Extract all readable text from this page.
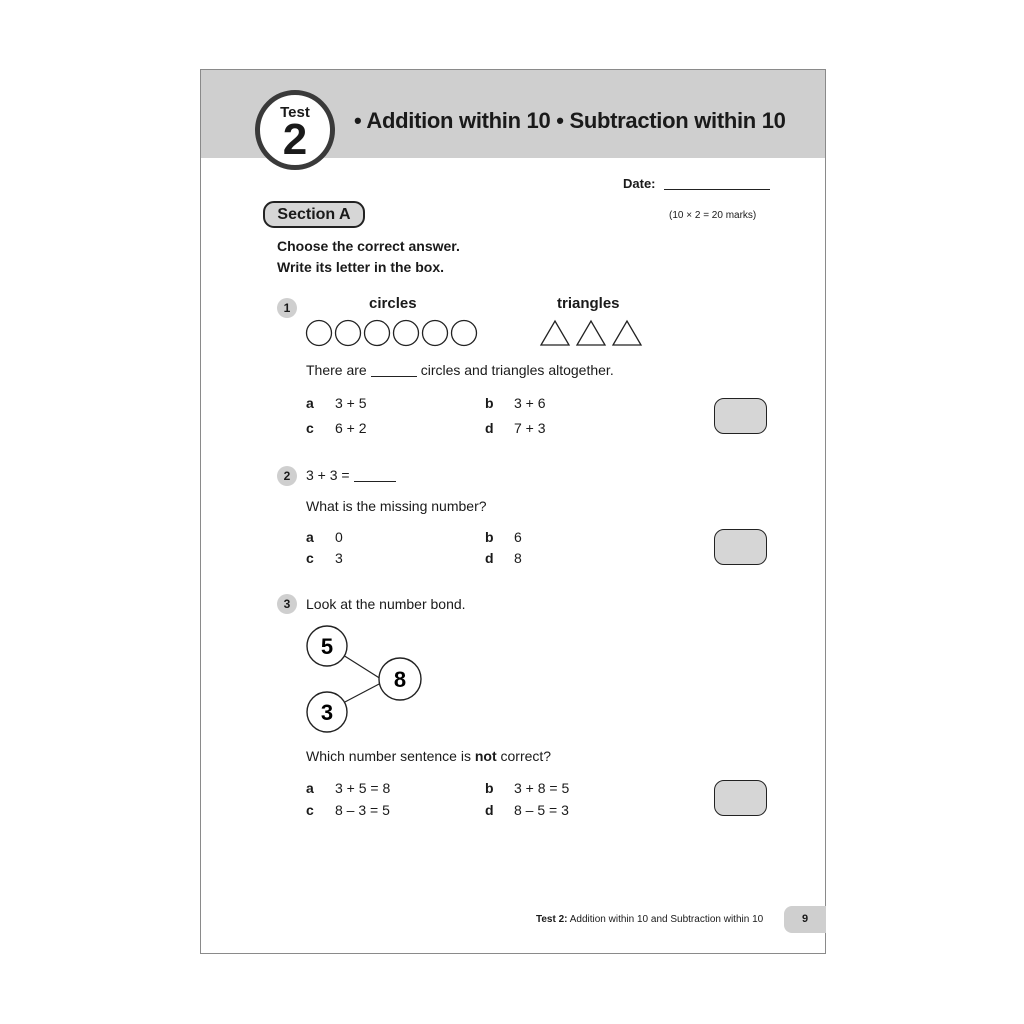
Test
2	• Addition within 10 • Subtraction within 10
Date:
Section A	(10 × 2 = 20 marks)
Choose the correct answer.
Write its letter in the box.
1	circles	triangles
There are	circles and triangles altogether.
a 3 + 5	b 3 + 6
c 6 + 2	d 7 + 3
2	3 + 3 =
What is the missing number?
a 0	b 6
c 3	d 8
3	Look at the number bond.
5
3
8
Which number sentence is not correct?
a 3 + 5 = 8	b 3 + 8 = 5
c 8 – 3 = 5	d 8 – 5 = 3
Test 2: Addition within 10 and Subtraction within 10	9
